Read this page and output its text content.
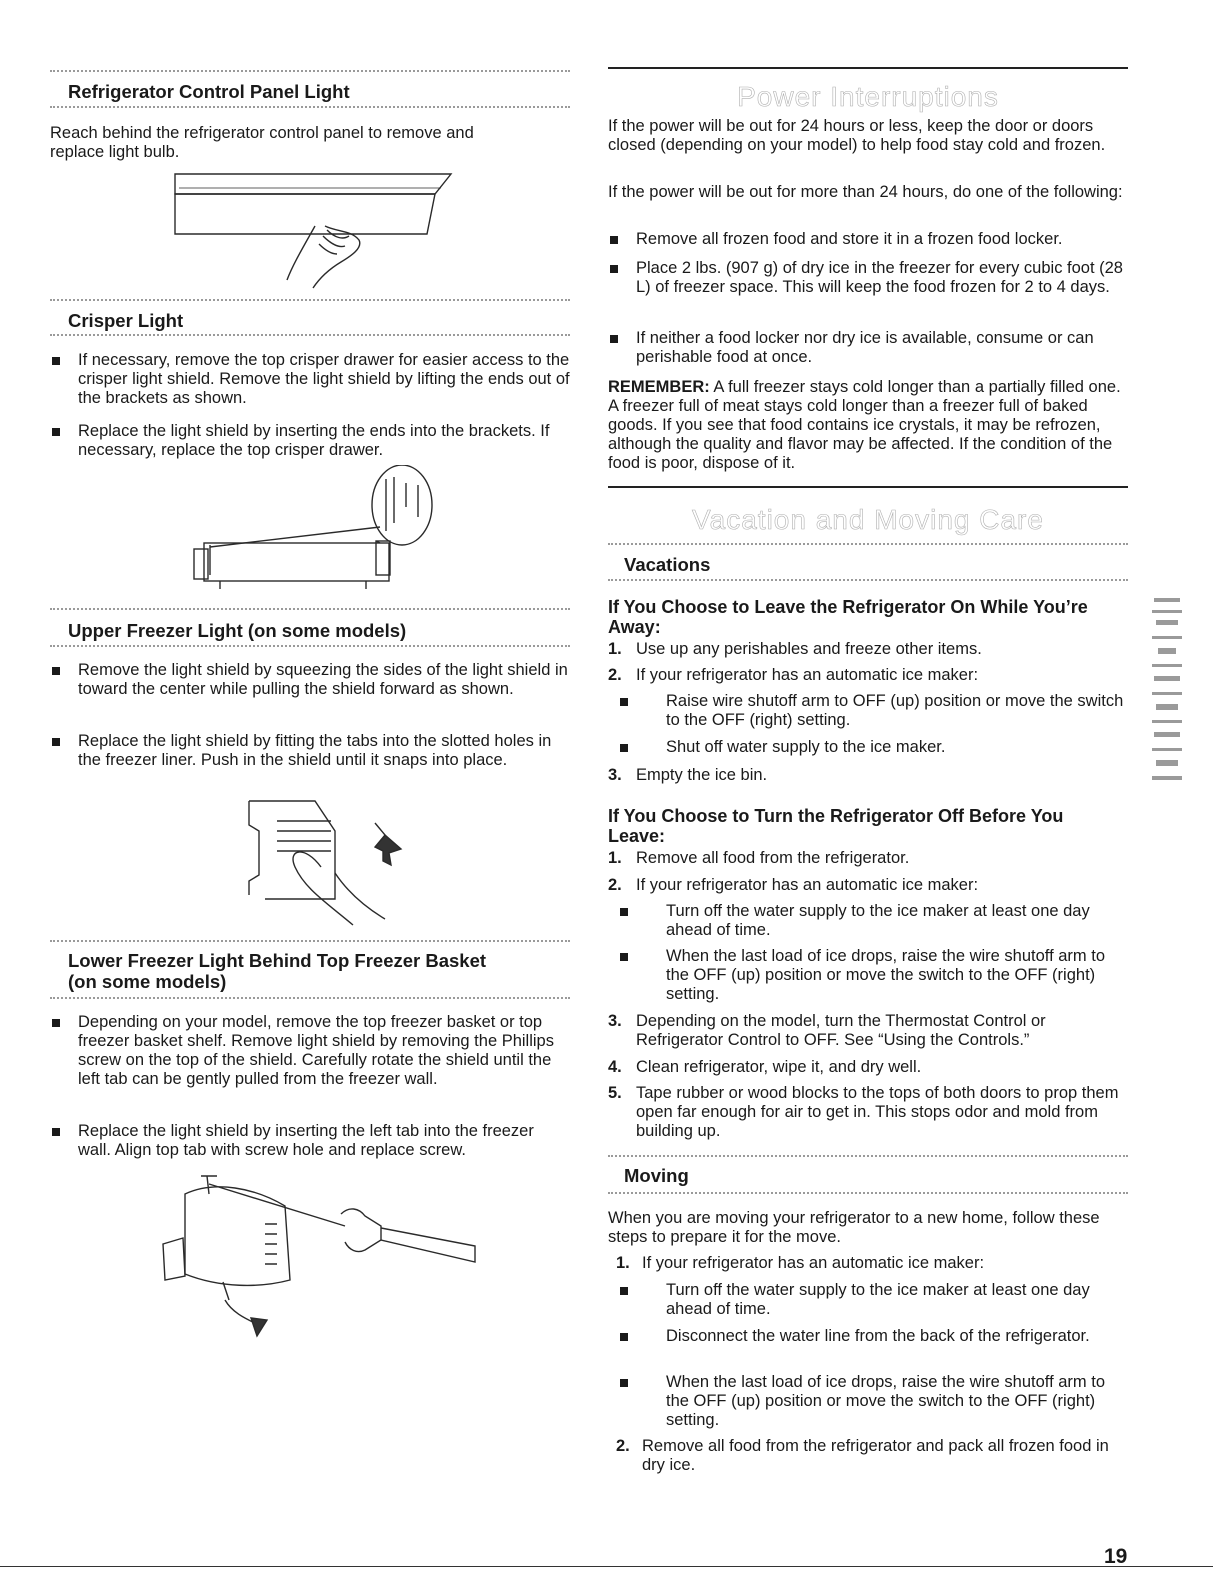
Refrigerator Control Panel Light

Reach behind the refrigerator control panel to remove and replace light bulb.

Crisper Light

If necessary, remove the top crisper drawer for easier access to the crisper light shield. Remove the light shield by lifting the ends out of the brackets as shown.

Replace the light shield by inserting the ends into the brackets. If necessary, replace the top crisper drawer.

Upper Freezer Light (on some models)

Remove the light shield by squeezing the sides of the light shield in toward the center while pulling the shield forward as shown.

Replace the light shield by fitting the tabs into the slotted holes in the freezer liner. Push in the shield until it snaps into place.

Lower Freezer Light Behind Top Freezer Basket
(on some models)

Depending on your model, remove the top freezer basket or top freezer basket shelf. Remove light shield by removing the Phillips screw on the top of the shield. Carefully rotate the shield until the left tab can be gently pulled from the freezer wall.

Replace the light shield by inserting the left tab into the freezer wall. Align top tab with screw hole and replace screw.

Power Interruptions

If the power will be out for 24 hours or less, keep the door or doors closed (depending on your model) to help food stay cold and frozen.

If the power will be out for more than 24 hours, do one of the following:

Remove all frozen food and store it in a frozen food locker.

Place 2 lbs. (907 g) of dry ice in the freezer for every cubic foot (28 L) of freezer space. This will keep the food frozen for 2 to 4 days.

If neither a food locker nor dry ice is available, consume or can perishable food at once.

REMEMBER: A full freezer stays cold longer than a partially filled one. A freezer full of meat stays cold longer than a freezer full of baked goods. If you see that food contains ice crystals, it may be refrozen, although the quality and flavor may be affected. If the condition of the food is poor, dispose of it.

Vacation and Moving Care
Vacations
If You Choose to Leave the Refrigerator On While You’re
Away:
1. Use up any perishables and freeze other items.

2. If your refrigerator has an automatic ice maker:

Raise wire shutoff arm to OFF (up) position or move the switch to the OFF (right) setting.

Shut off water supply to the ice maker.

3. Empty the ice bin.

If You Choose to Turn the Refrigerator Off Before You
Leave:
1. Remove all food from the refrigerator.

2. If your refrigerator has an automatic ice maker:

Turn off the water supply to the ice maker at least one day ahead of time.

When the last load of ice drops, raise the wire shutoff arm to the OFF (up) position or move the switch to the OFF (right) setting.

3. Depending on the model, turn the Thermostat Control or Refrigerator Control to OFF. See “Using the Controls.”

4. Clean refrigerator, wipe it, and dry well.

5. Tape rubber or wood blocks to the tops of both doors to prop them open far enough for air to get in. This stops odor and mold from building up.

Moving

When you are moving your refrigerator to a new home, follow these steps to prepare it for the move.

1. If your refrigerator has an automatic ice maker:

Turn off the water supply to the ice maker at least one day ahead of time.

Disconnect the water line from the back of the refrigerator.

When the last load of ice drops, raise the wire shutoff arm to the OFF (up) position or move the switch to the OFF (right) setting.

2. Remove all food from the refrigerator and pack all frozen food in dry ice.

19
